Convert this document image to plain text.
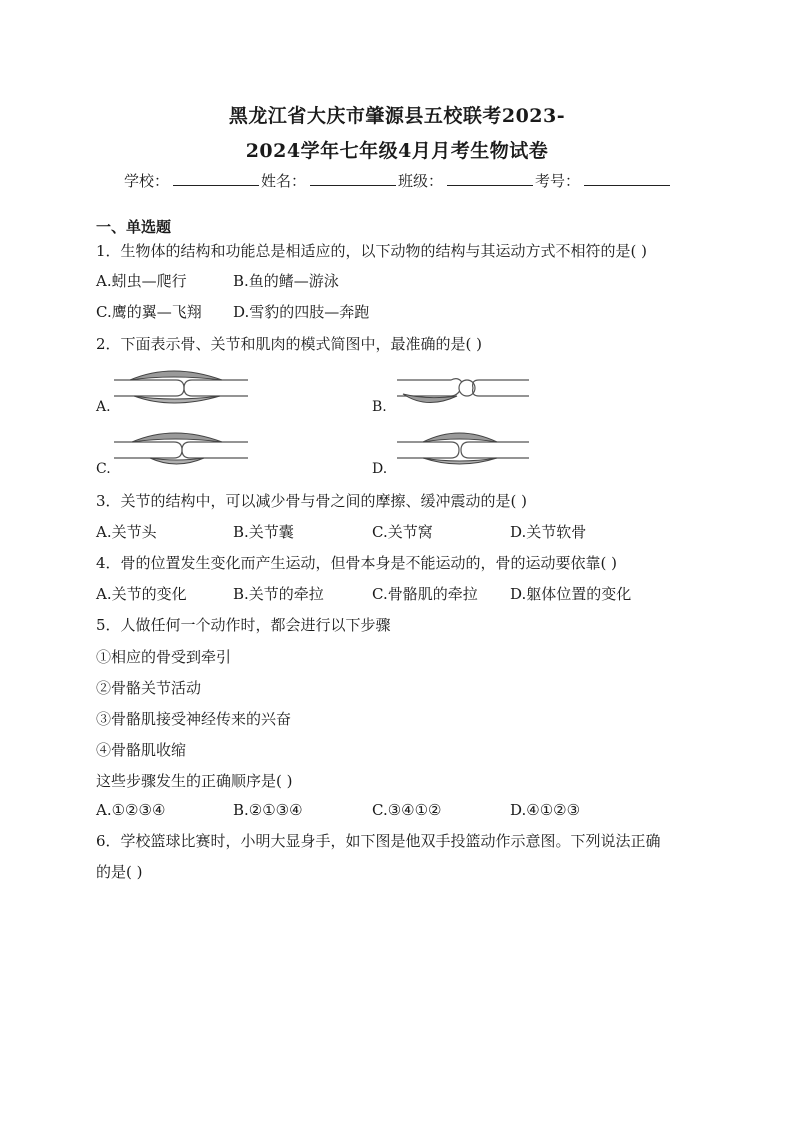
黑龙江省大庆市肇源县五校联考2023-
2024学年七年级4月月考生物试卷
学校：	姓名：	班级：	考号：
一、单选题
1．生物体的结构和功能总是相适应的，以下动物的结构与其运动方式不相符的是( )
A.蚓虫—爬行	B.鱼的鳍—游泳
C.鹰的翼—飞翔 D.雪豹的四肢—奔跑
2．下面表示骨、关节和肌肉的模式简图中，最准确的是( )
A.	B.
C.	D.
3．关节的结构中，可以减少骨与骨之间的摩擦、缓冲震动的是( )
A.关节头	B.关节囊	C.关节窝	D.关节软骨
4．骨的位置发生变化而产生运动，但骨本身是不能运动的，骨的运动要依靠( )
A.关节的变化	B.关节的牵拉	C.骨骼肌的牵拉 D.躯体位置的变化
5．人做任何一个动作时，都会进行以下步骤
①相应的骨受到牵引
②骨骼关节活动
③骨骼肌接受神经传来的兴奋
④骨骼肌收缩
这些步骤发生的正确顺序是( )
A.①②③④	B.②①③④	C.③④①②	D.④①②③
6．学校篮球比赛时，小明大显身手，如下图是他双手投篮动作示意图。下列说法正确
的是( )
